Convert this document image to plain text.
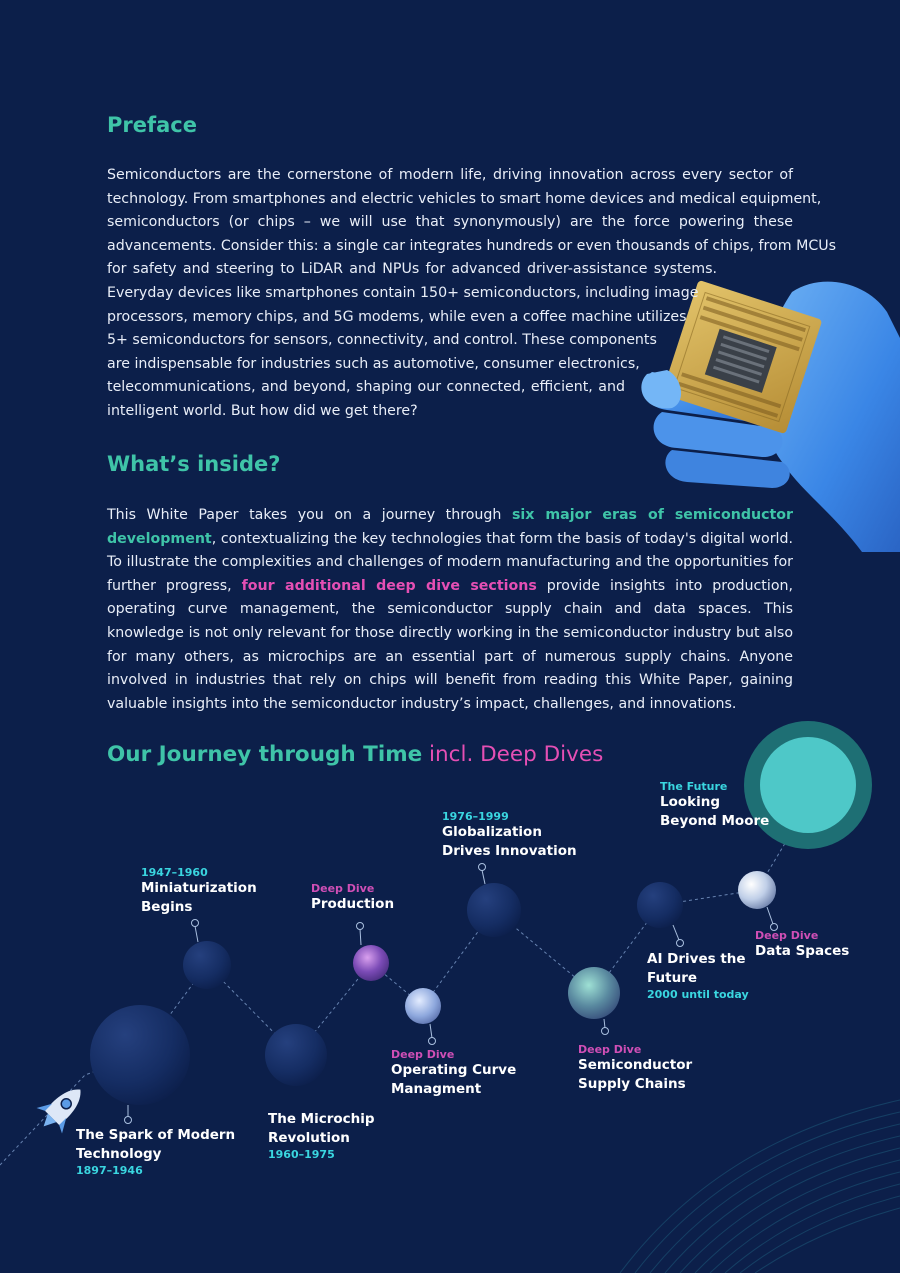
Preface
Semiconductors are the cornerstone of modern life, driving innovation across every sector of
technology. From smartphones and electric vehicles to smart home devices and medical equipment,
semiconductors (or chips – we will use that synonymously) are the force powering these
advancements. Consider this: a single car integrates hundreds or even thousands of chips, from MCUs
for safety and steering to LiDAR and NPUs for advanced driver-assistance systems.
Everyday devices like smartphones contain 150+ semiconductors, including image
processors, memory chips, and 5G modems, while even a coffee machine utilizes
5+ semiconductors for sensors, connectivity, and control. These components
are indispensable for industries such as automotive, consumer electronics,
telecommunications, and beyond, shaping our connected, efficient, and
intelligent world. But how did we get there?
What’s inside?

This White Paper takes you on a journey through six major eras of semiconductor development, contextualizing the key technologies that form the basis of today's digital world. To illustrate the complexities and challenges of modern manufacturing and the opportunities for further progress, four additional deep dive sections provide insights into production, operating curve management, the semiconductor supply chain and data spaces. This knowledge is not only relevant for those directly working in the semiconductor industry but also for many others, as microchips are an essential part of numerous supply chains. Anyone involved in industries that rely on chips will benefit from reading this White Paper, gaining valuable insights into the semiconductor industry’s impact, challenges, and innovations.

Our Journey through Time incl. Deep Dives

The Spark of Modern Technology
1897–1946
1947–1960
Miniaturization Begins
The Microchip Revolution
1960–1975
Deep Dive
Production
Deep Dive
Operating Curve Managment
1976–1999
Globalization Drives Innovation
Deep Dive
Semiconductor Supply Chains
AI Drives the Future
2000 until today
Deep Dive
Data Spaces
The Future
Looking Beyond Moore
